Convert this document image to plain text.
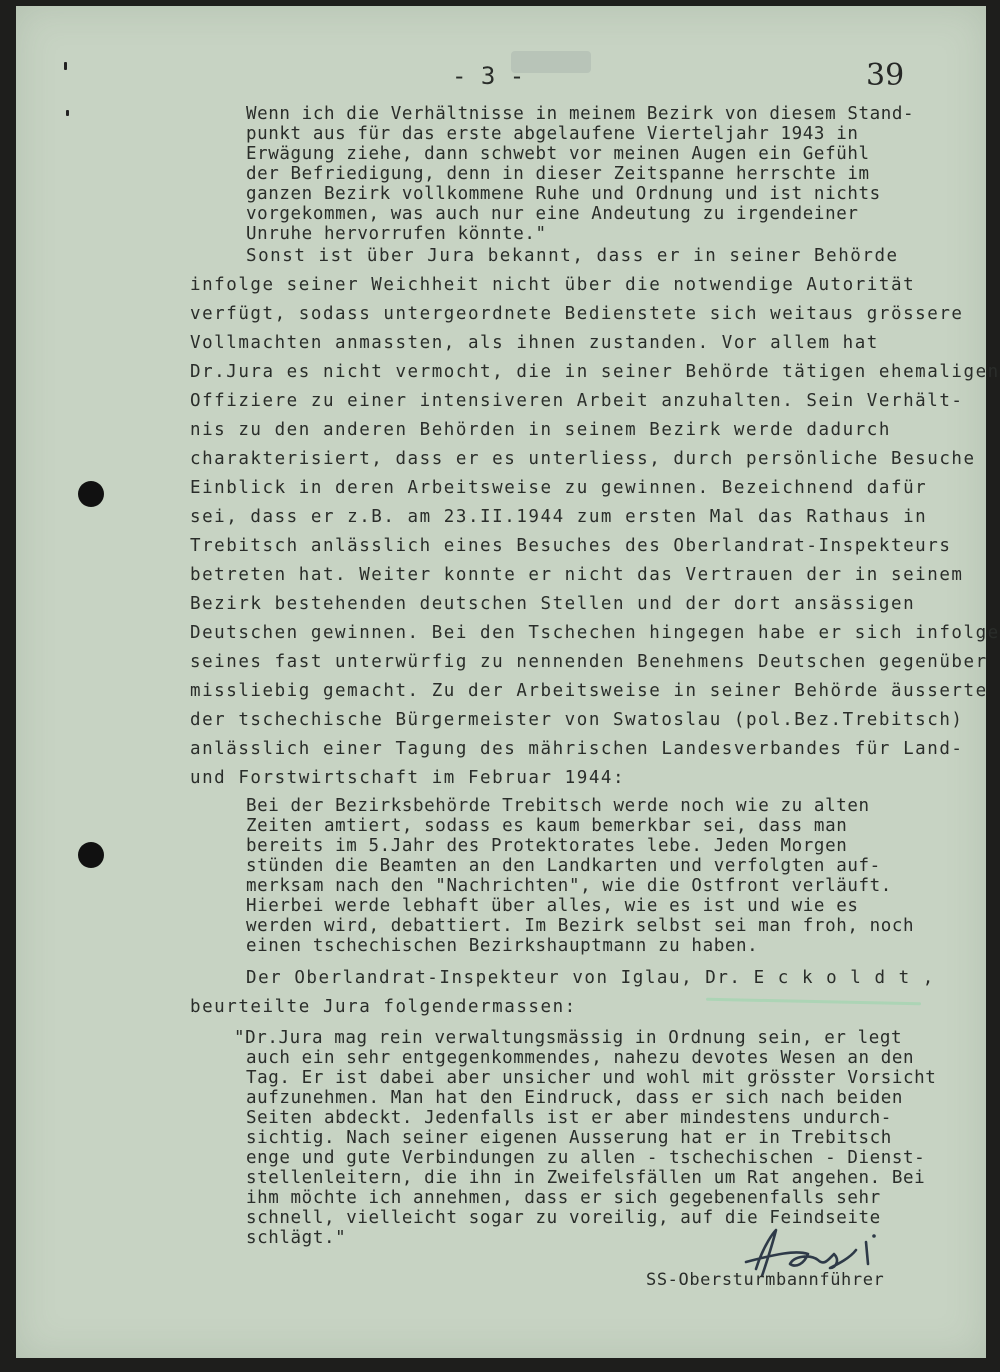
- 3 -	39
Wenn ich die Verhältnisse in meinem Bezirk von diesem Stand-
punkt aus für das erste abgelaufene Vierteljahr 1943 in
Erwägung ziehe, dann schwebt vor meinen Augen ein Gefühl
der Befriedigung, denn in dieser Zeitspanne herrschte im
ganzen Bezirk vollkommene Ruhe und Ordnung und ist nichts
vorgekommen, was auch nur eine Andeutung zu irgendeiner
Unruhe hervorrufen könnte."
Sonst ist über Jura bekannt, dass er in seiner Behörde
infolge seiner Weichheit nicht über die notwendige Autorität
verfügt, sodass untergeordnete Bedienstete sich weitaus grössere
Vollmachten anmassten, als ihnen zustanden. Vor allem hat
Dr.Jura es nicht vermocht, die in seiner Behörde tätigen ehemaligen
Offiziere zu einer intensiveren Arbeit anzuhalten. Sein Verhält-
nis zu den anderen Behörden in seinem Bezirk werde dadurch
charakterisiert, dass er es unterliess, durch persönliche Besuche
Einblick in deren Arbeitsweise zu gewinnen. Bezeichnend dafür
sei, dass er z.B. am 23.II.1944 zum ersten Mal das Rathaus in
Trebitsch anlässlich eines Besuches des Oberlandrat-Inspekteurs
betreten hat. Weiter konnte er nicht das Vertrauen der in seinem
Bezirk bestehenden deutschen Stellen und der dort ansässigen
Deutschen gewinnen. Bei den Tschechen hingegen habe er sich infolge
seines fast unterwürfig zu nennenden Benehmens Deutschen gegenüber
missliebig gemacht. Zu der Arbeitsweise in seiner Behörde äusserte
der tschechische Bürgermeister von Swatoslau (pol.Bez.Trebitsch)
anlässlich einer Tagung des mährischen Landesverbandes für Land-
und Forstwirtschaft im Februar 1944:
Bei der Bezirksbehörde Trebitsch werde noch wie zu alten
Zeiten amtiert, sodass es kaum bemerkbar sei, dass man
bereits im 5.Jahr des Protektorates lebe. Jeden Morgen
stünden die Beamten an den Landkarten und verfolgten auf-
merksam nach den "Nachrichten", wie die Ostfront verläuft.
Hierbei werde lebhaft über alles, wie es ist und wie es
werden wird, debattiert. Im Bezirk selbst sei man froh, noch
einen tschechischen Bezirkshauptmann zu haben.
Der Oberlandrat-Inspekteur von Iglau, Dr. E c k o l d t ,
beurteilte Jura folgendermassen:
"Dr.Jura mag rein verwaltungsmässig in Ordnung sein, er legt
auch ein sehr entgegenkommendes, nahezu devotes Wesen an den
Tag. Er ist dabei aber unsicher und wohl mit grösster Vorsicht
aufzunehmen. Man hat den Eindruck, dass er sich nach beiden
Seiten abdeckt. Jedenfalls ist er aber mindestens undurch-
sichtig. Nach seiner eigenen Ausserung hat er in Trebitsch
enge und gute Verbindungen zu allen - tschechischen - Dienst-
stellenleitern, die ihn in Zweifelsfällen um Rat angehen. Bei
ihm möchte ich annehmen, dass er sich gegebenenfalls sehr
schnell, vielleicht sogar zu voreilig, auf die Feindseite
schlägt."
SS-Obersturmbannführer
